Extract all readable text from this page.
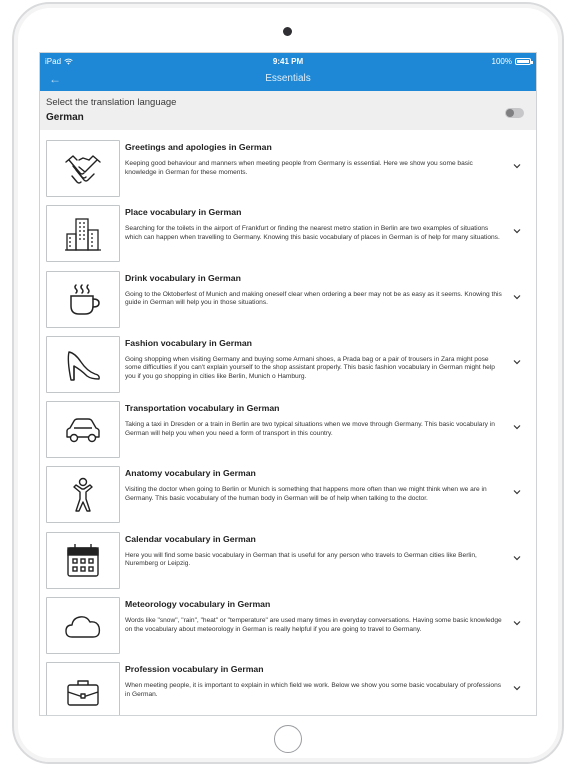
iPad	9:41 PM	100%
←	Essentials
Select the translation language
German
Greetings and apologies in German
Keeping good behaviour and manners when meeting people from Germany is essential. Here we show you some basic knowledge in German for these moments.
Place vocabulary in German
Searching for the toilets in the airport of Frankfurt or finding the nearest metro station in Berlin are two examples of situations which can happen when travelling to Germany. Knowing this basic vocabulary of places in German is of help for many situations.
Drink vocabulary in German
Going to the Oktoberfest of Munich and making oneself clear when ordering a beer may not be as easy as it seems. Knowing this guide in German will help you in those situations.
Fashion vocabulary in German
Going shopping when visiting Germany and buying some Armani shoes, a Prada bag or a pair of trousers in Zara might pose some difficulties if you can't explain yourself to the shop assistant properly. This basic fashion vocabulary in German might help you if you go shopping in cities like Berlin, Munich o Hamburg.
Transportation vocabulary in German
Taking a taxi in Dresden or a train in Berlin are two typical situations when we move through Germany. This basic vocabulary in German will help you when you need a form of transport in this country.
Anatomy vocabulary in German
Visiting the doctor when going to Berlin or Munich is something that happens more often than we might think when we are in Germany. This basic vocabulary of the human body in German will be of help when talking to the doctor.
Calendar vocabulary in German
Here you will find some basic vocabulary in German that is useful for any person who travels to German cities like Berlin, Nuremberg or Leipzig.
Meteorology vocabulary in German
Words like "snow", "rain", "heat" or "temperature" are used many times in everyday conversations. Having some basic knowledge on the vocabulary about meteorology in German is really helpful if you are going to travel to Germany.
Profession vocabulary in German
When meeting people, it is important to explain in which field we work. Below we show you some basic vocabulary of professions in German.
